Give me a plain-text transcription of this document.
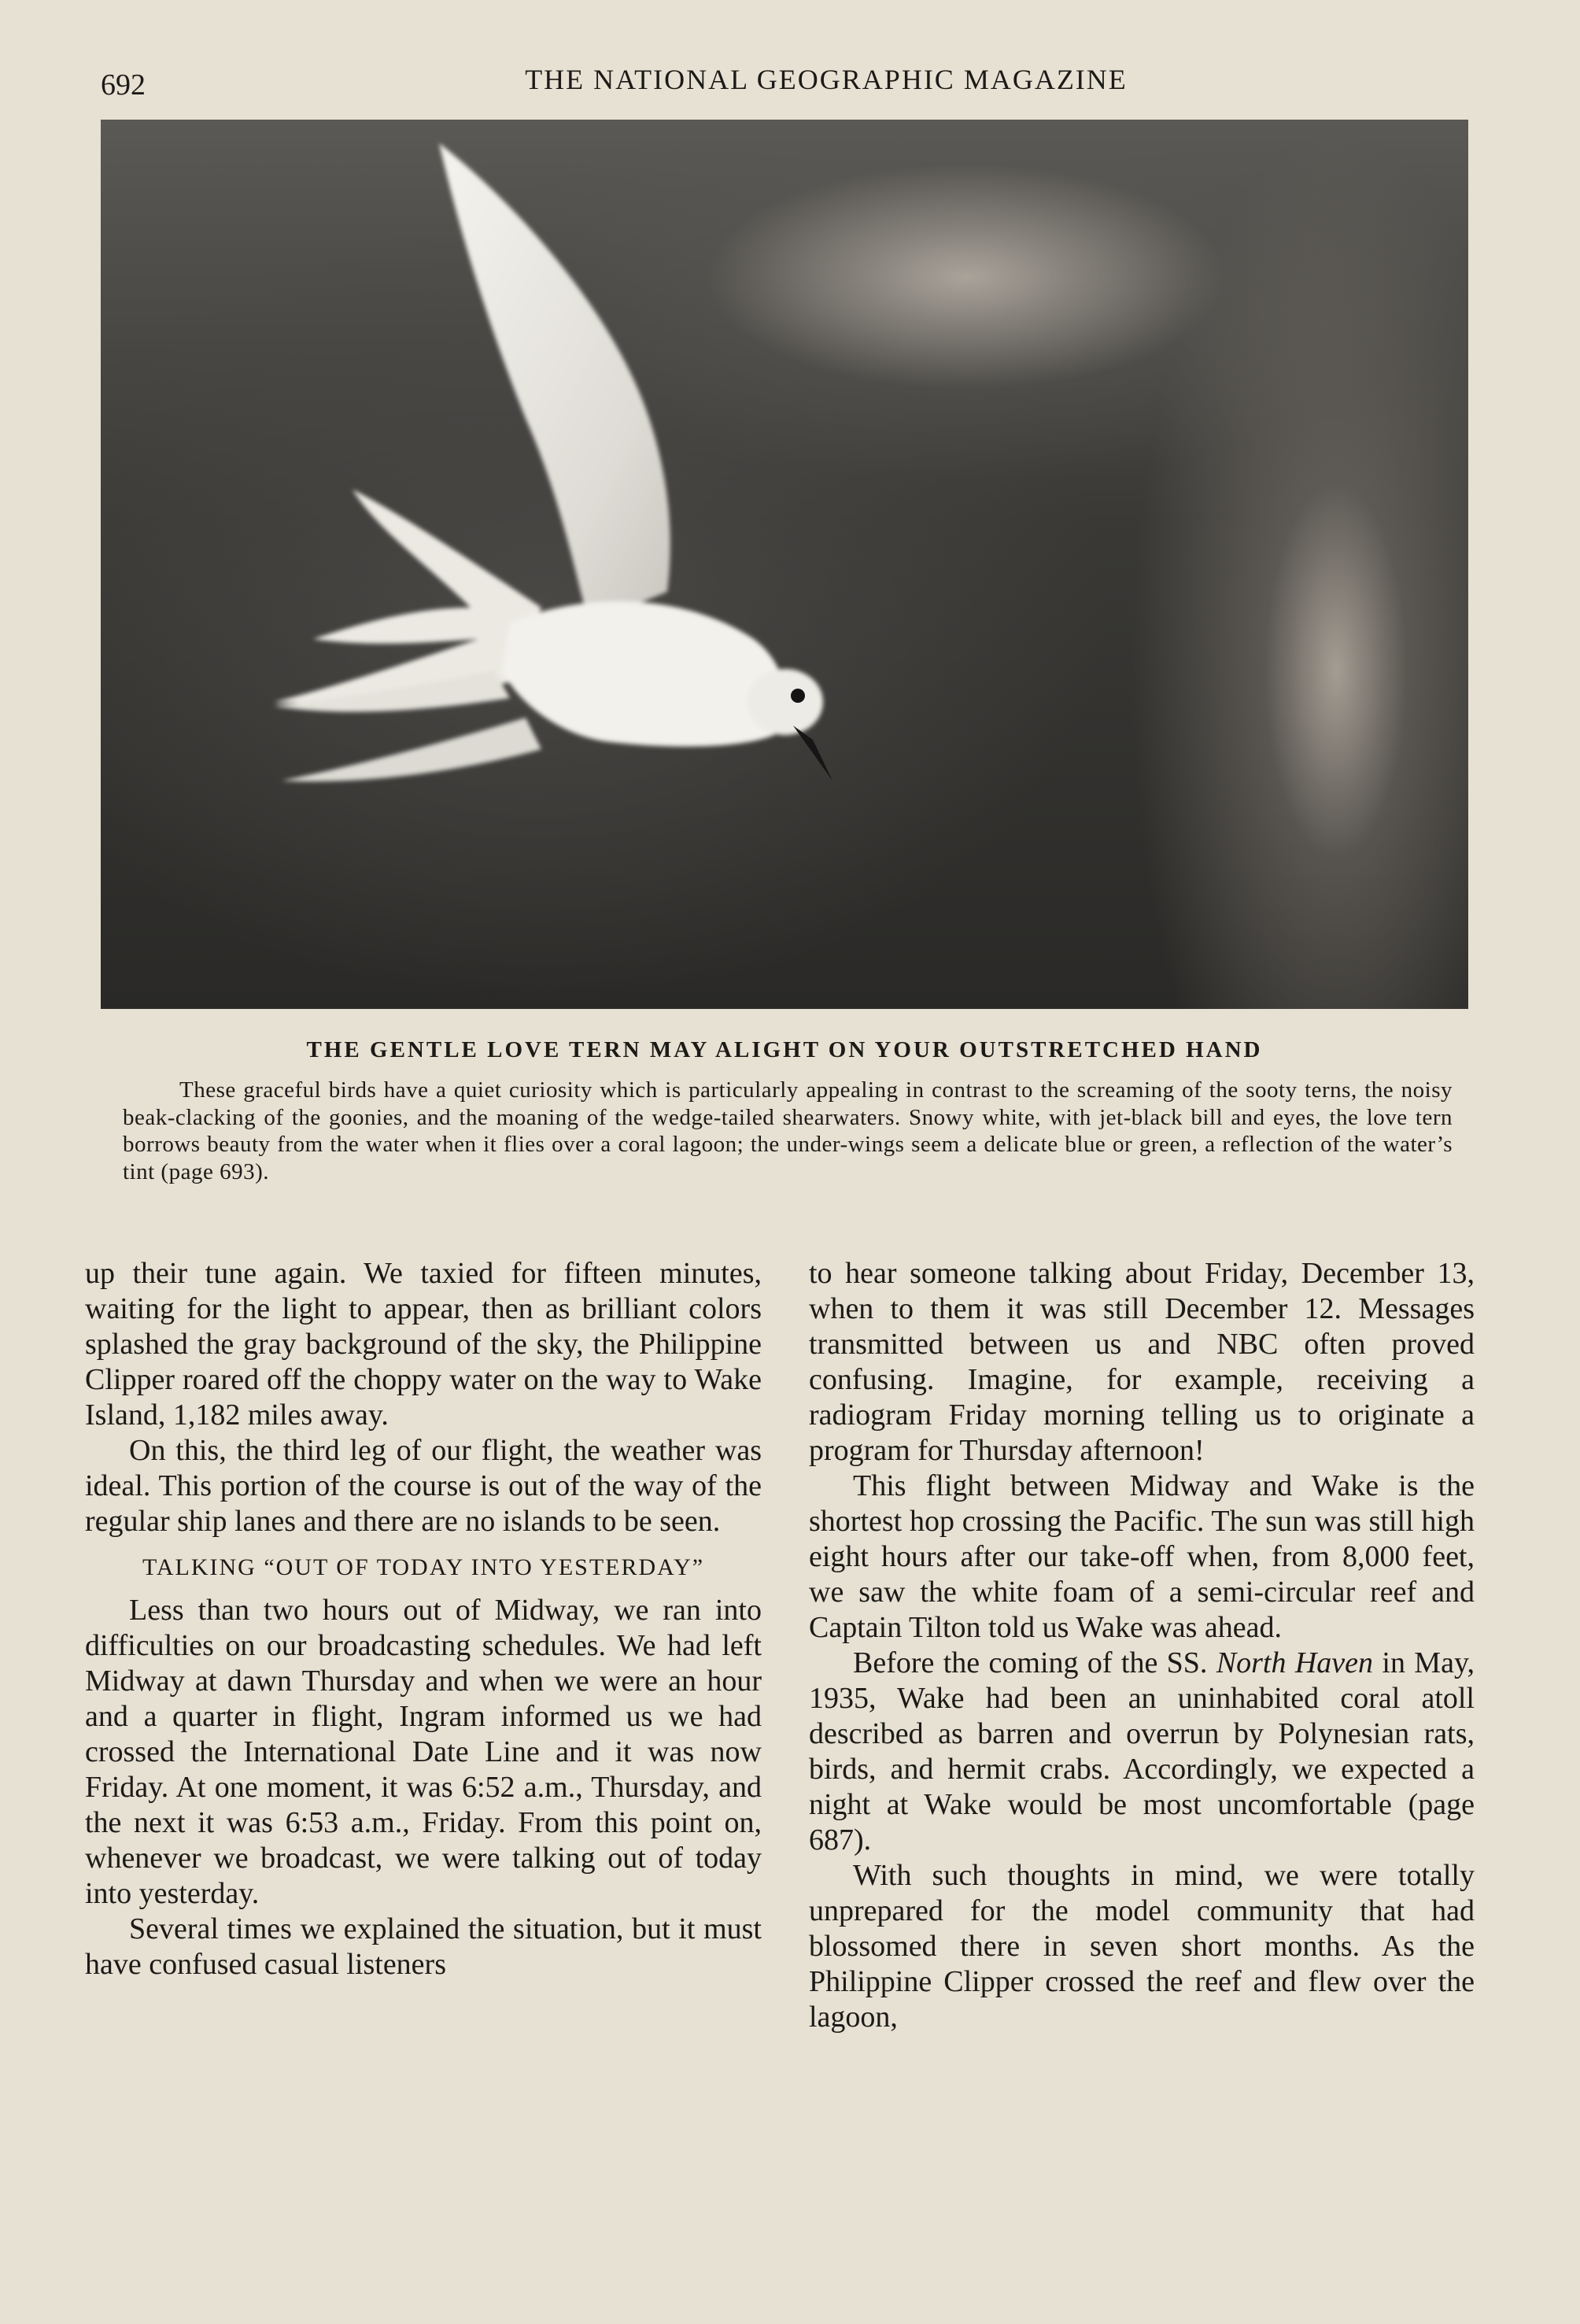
692	THE NATIONAL GEOGRAPHIC MAGAZINE
THE GENTLE LOVE TERN MAY ALIGHT ON YOUR OUTSTRETCHED HAND
These graceful birds have a quiet curiosity which is particularly appealing in contrast to the screaming of the sooty terns, the noisy beak-clacking of the goonies, and the moaning of the wedge-tailed shearwaters. Snowy white, with jet-black bill and eyes, the love tern borrows beauty from the water when it flies over a coral lagoon; the under-wings seem a delicate blue or green, a reflection of the water’s tint (page 693).

up their tune again. We taxied for fifteen minutes, waiting for the light to appear, then as brilliant colors splashed the gray background of the sky, the Philippine Clipper roared off the choppy water on the way to Wake Island, 1,182 miles away.

On this, the third leg of our flight, the weather was ideal. This portion of the course is out of the way of the regular ship lanes and there are no islands to be seen.

TALKING “OUT OF TODAY INTO YESTERDAY”

Less than two hours out of Midway, we ran into difficulties on our broadcasting schedules. We had left Midway at dawn Thursday and when we were an hour and a quarter in flight, Ingram informed us we had crossed the International Date Line and it was now Friday. At one moment, it was 6:52 a.m., Thursday, and the next it was 6:53 a.m., Friday. From this point on, whenever we broadcast, we were talking out of today into yesterday.

Several times we explained the situation, but it must have confused casual listeners

to hear someone talking about Friday, December 13, when to them it was still December 12. Messages transmitted between us and NBC often proved confusing. Imagine, for example, receiving a radiogram Friday morning telling us to originate a program for Thursday afternoon!

This flight between Midway and Wake is the shortest hop crossing the Pacific. The sun was still high eight hours after our take-off when, from 8,000 feet, we saw the white foam of a semi-circular reef and Captain Tilton told us Wake was ahead.

Before the coming of the SS. North Haven in May, 1935, Wake had been an uninhabited coral atoll described as barren and overrun by Polynesian rats, birds, and hermit crabs. Accordingly, we expected a night at Wake would be most uncomfortable (page 687).

With such thoughts in mind, we were totally unprepared for the model community that had blossomed there in seven short months. As the Philippine Clipper crossed the reef and flew over the lagoon,
